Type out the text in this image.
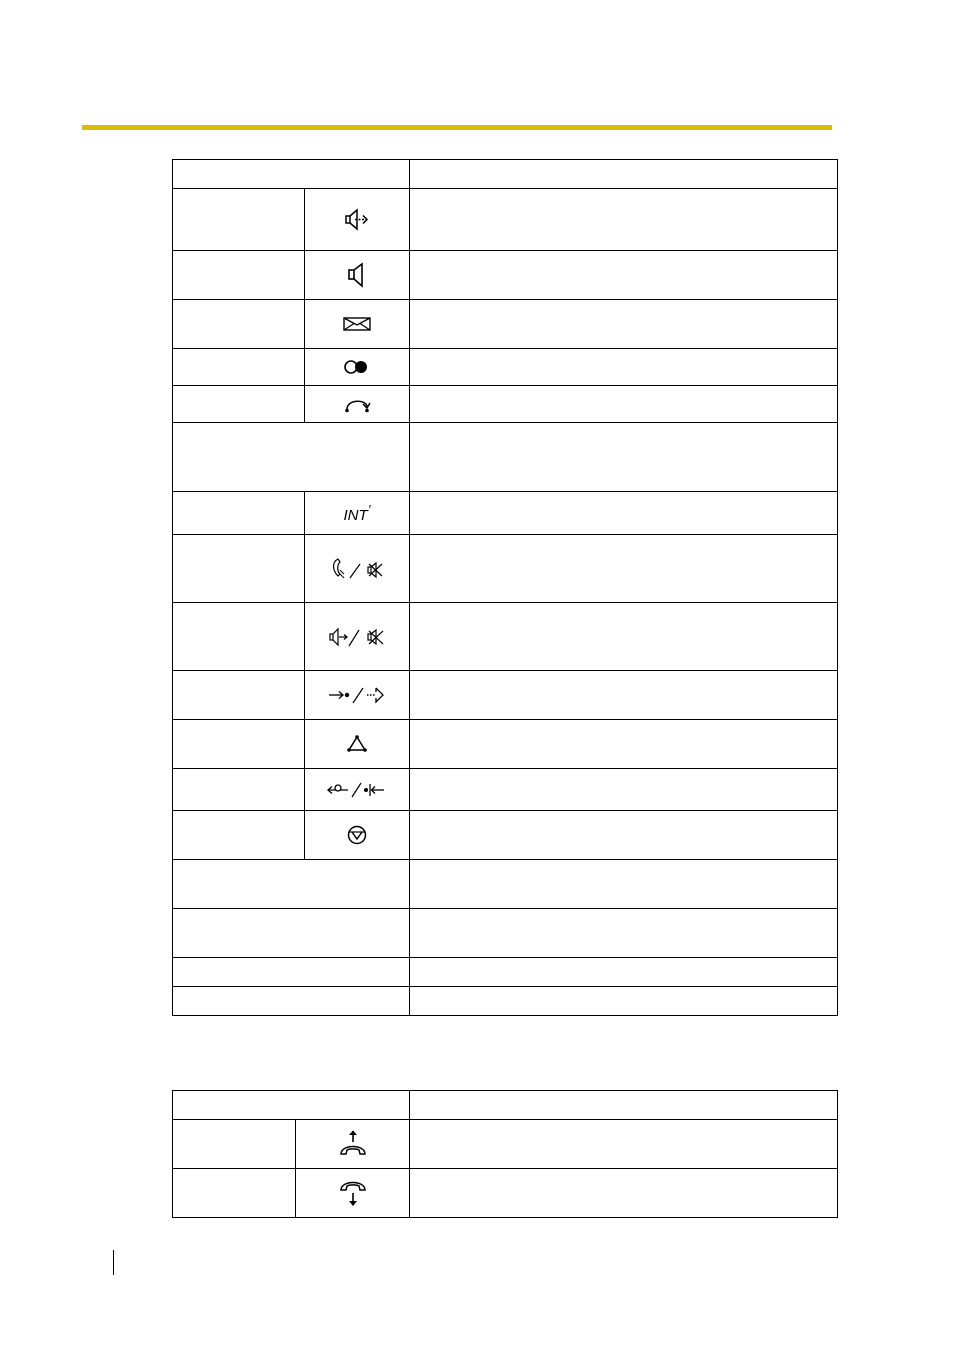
	INT’	
